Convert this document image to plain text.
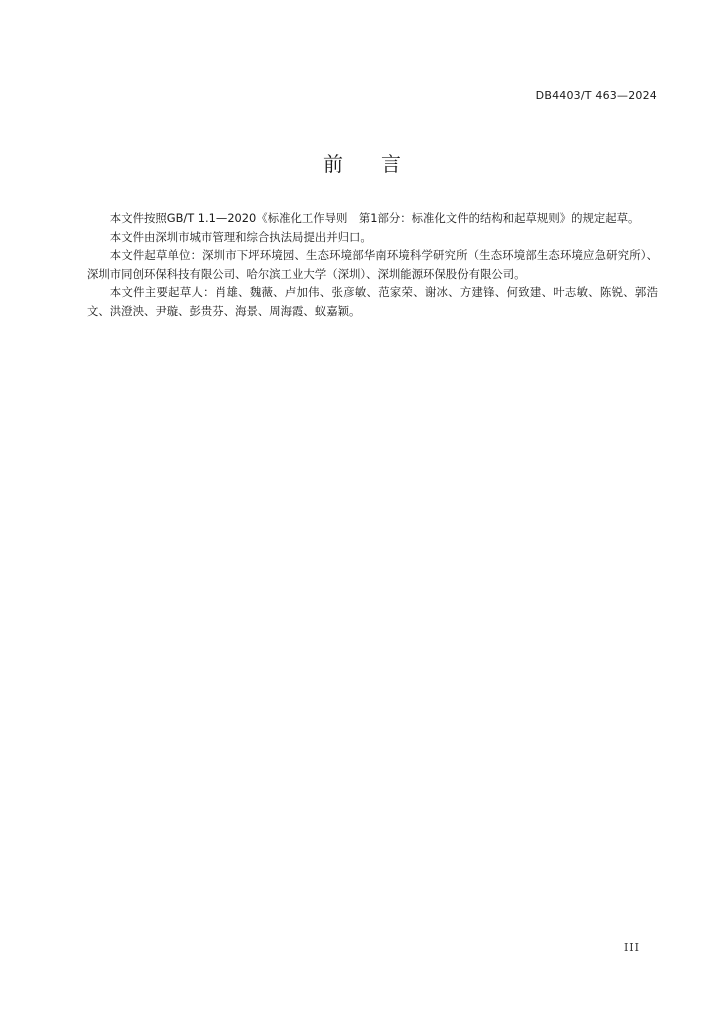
DB4403/T 463—2024
前言

本文件按照GB/T 1.1—2020《标准化工作导则　第1部分：标准化文件的结构和起草规则》的规定起草。

本文件由深圳市城市管理和综合执法局提出并归口。

本文件起草单位：深圳市下坪环境园、生态环境部华南环境科学研究所（生态环境部生态环境应急研究所）、深圳市同创环保科技有限公司、哈尔滨工业大学（深圳）、深圳能源环保股份有限公司。

本文件主要起草人：肖雄、魏薇、卢加伟、张彦敏、范家荣、谢冰、方建锋、何致建、叶志敏、陈锐、郭浩文、洪澄泱、尹璇、彭贵芬、海景、周海霞、蚁嘉颖。

III
